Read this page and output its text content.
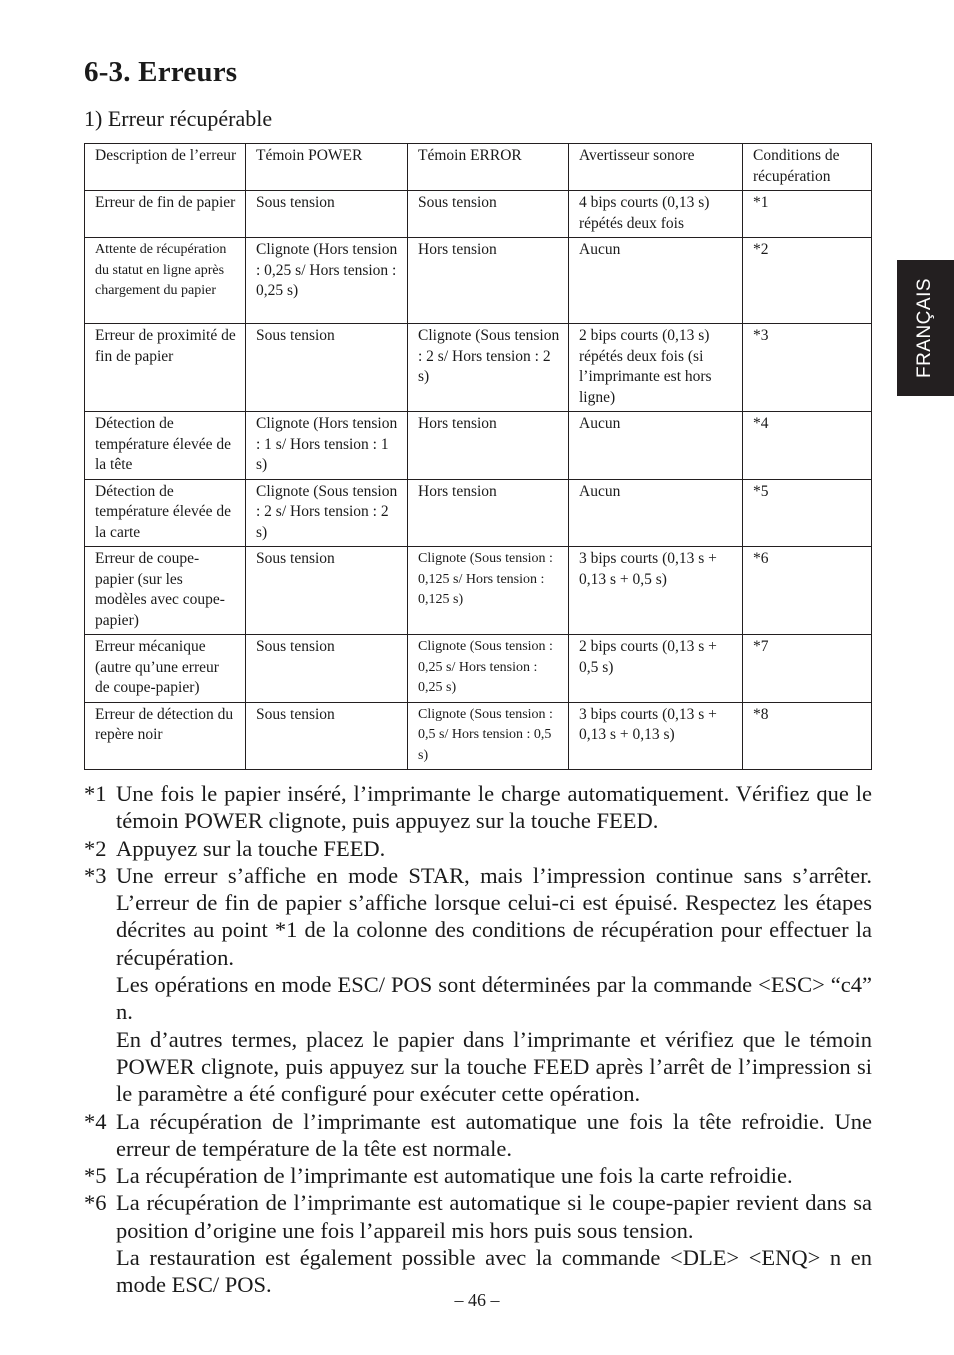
6-3. Erreurs
1) Erreur récupérable
FRANÇAIS
Description de l’erreur	Témoin POWER	Témoin ERROR	Avertisseur sonore	Conditions de récupération
Erreur de fin de papier	Sous tension	Sous tension	4 bips courts (0,13 s) répétés deux fois	*1
Attente de récupération du statut en ligne après chargement du papier	Clignote (Hors tension : 0,25 s/ Hors tension : 0,25 s)	Hors tension	Aucun	*2
Erreur de proximité de fin de papier	Sous tension	Clignote (Sous tension : 2 s/ Hors tension : 2 s)	2 bips courts (0,13 s) répétés deux fois (si l’imprimante est hors ligne)	*3
Détection de température élevée de la tête	Clignote (Hors tension : 1 s/ Hors tension : 1 s)	Hors tension	Aucun	*4
Détection de température élevée de la carte	Clignote (Sous tension : 2 s/ Hors tension : 2 s)	Hors tension	Aucun	*5
Erreur de coupe-papier (sur les modèles avec coupe-papier)	Sous tension	Clignote (Sous tension : 0,125 s/ Hors tension : 0,125 s)	3 bips courts (0,13 s + 0,13 s + 0,5 s)	*6
Erreur mécanique (autre qu’une erreur de coupe-papier)	Sous tension	Clignote (Sous tension : 0,25 s/ Hors tension : 0,25 s)	2 bips courts (0,13 s + 0,5 s)	*7
Erreur de détection du repère noir	Sous tension	Clignote (Sous tension : 0,5 s/ Hors tension : 0,5 s)	3 bips courts (0,13 s + 0,13 s + 0,13 s)	*8
*1 Une fois le papier inséré, l’imprimante le charge automatiquement. Vérifiez que le témoin POWER clignote, puis appuyez sur la touche FEED.

*2 Appuyez sur la touche FEED.

*3 Une erreur s’affiche en mode STAR, mais l’impression continue sans s’arrêter. L’erreur de fin de papier s’affiche lorsque celui-ci est épuisé. Respectez les étapes décrites au point *1 de la colonne des conditions de récupération pour effectuer la récupération.

Les opérations en mode ESC/ POS sont déterminées par la commande <ESC> “c4” n.

En d’autres termes, placez le papier dans l’imprimante et vérifiez que le témoin POWER clignote, puis appuyez sur la touche FEED après l’arrêt de l’impression si le paramètre a été configuré pour exécuter cette opération.

*4 La récupération de l’imprimante est automatique une fois la tête refroidie. Une erreur de température de la tête est normale.

*5 La récupération de l’imprimante est automatique une fois la carte refroidie.

*6 La récupération de l’imprimante est automatique si le coupe-papier revient dans sa position d’origine une fois l’appareil mis hors puis sous tension.

La restauration est également possible avec la commande <DLE> <ENQ> n en mode ESC/ POS.

– 46 –
